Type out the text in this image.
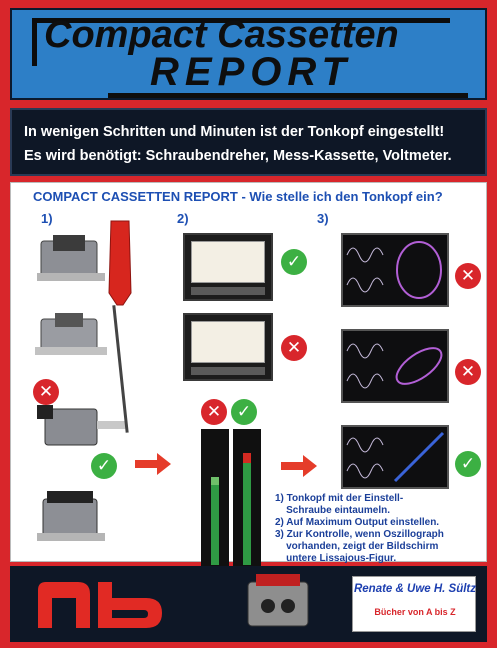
Compact Cassetten
REPORT

In wenigen Schritten und Minuten ist der Tonkopf eingestellt!

Es wird benötigt: Schraubendreher, Mess-Kassette, Voltmeter.

COMPACT CASSETTEN REPORT - Wie stelle ich den Tonkopf ein?
1)	2)	3)
✕
✓
✓
✕
✕ ✓
✕
✕
✓
1) Tonkopf mit der Einstell-
Schraube eintaumeln.
2) Auf Maximum Output einstellen.
3) Zur Kontrolle, wenn Oszillograph
vorhanden, zeigt der Bildschirm
untere Lissajous-Figur.
Renate & Uwe H. Sültz
Bücher von A bis Z
